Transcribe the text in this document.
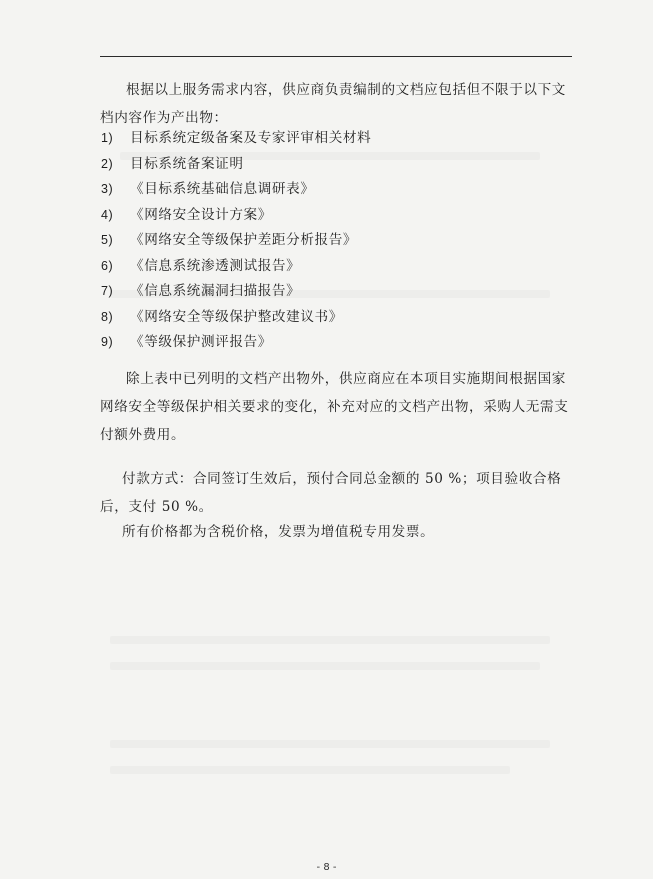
根据以上服务需求内容，供应商负责编制的文档应包括但不限于以下文档内容作为产出物：

1) 目标系统定级备案及专家评审相关材料
2) 目标系统备案证明
3) 《目标系统基础信息调研表》
4) 《网络安全设计方案》
5) 《网络安全等级保护差距分析报告》
6) 《信息系统渗透测试报告》
7) 《信息系统漏洞扫描报告》
8) 《网络安全等级保护整改建议书》
9) 《等级保护测评报告》

除上表中已列明的文档产出物外，供应商应在本项目实施期间根据国家网络安全等级保护相关要求的变化，补充对应的文档产出物，采购人无需支付额外费用。

付款方式：合同签订生效后，预付合同总金额的 50 %；项目验收合格后，支付 50 %。

所有价格都为含税价格，发票为增值税专用发票。

- 8 -
